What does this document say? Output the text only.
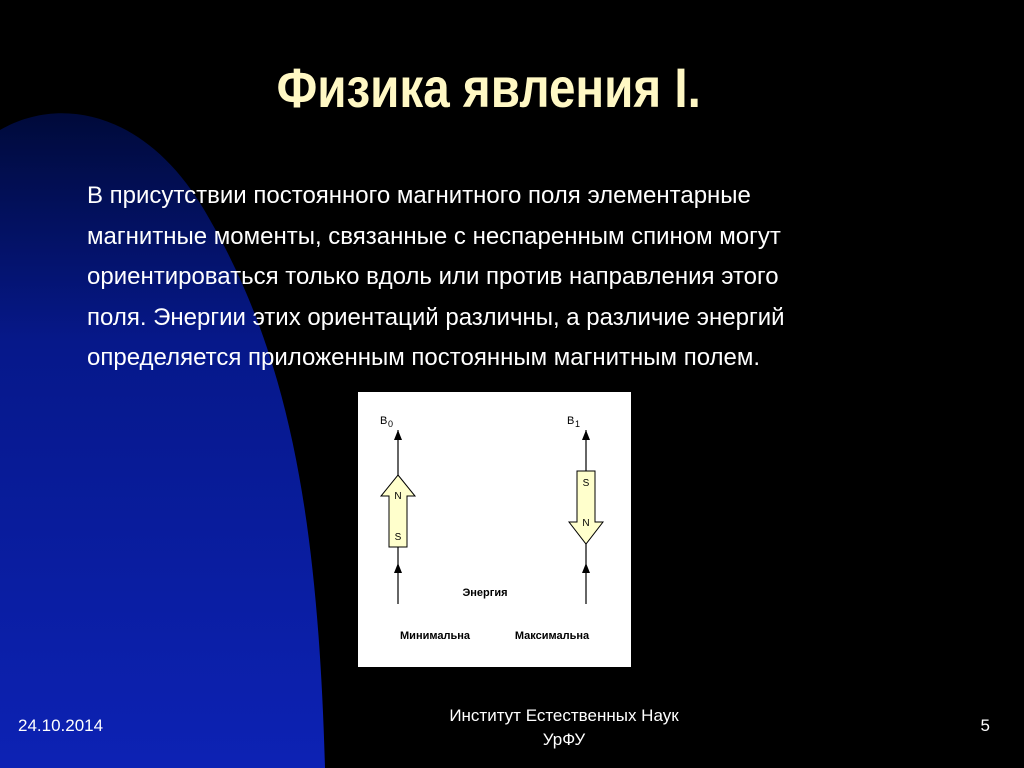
Физика явления I.
В присутствии постоянного магнитного поля элементарные
магнитные моменты, связанные с неспаренным спином могут
ориентироваться только вдоль или против направления этого
поля. Энергии этих ориентаций различны, а различие энергий
определяется приложенным постоянным магнитным полем.
B 0
N
S
B 1
S
N
Энергия
Минимальна	Максимальна
24.10.2014
Институт Естественных Наук
УрФУ
5
